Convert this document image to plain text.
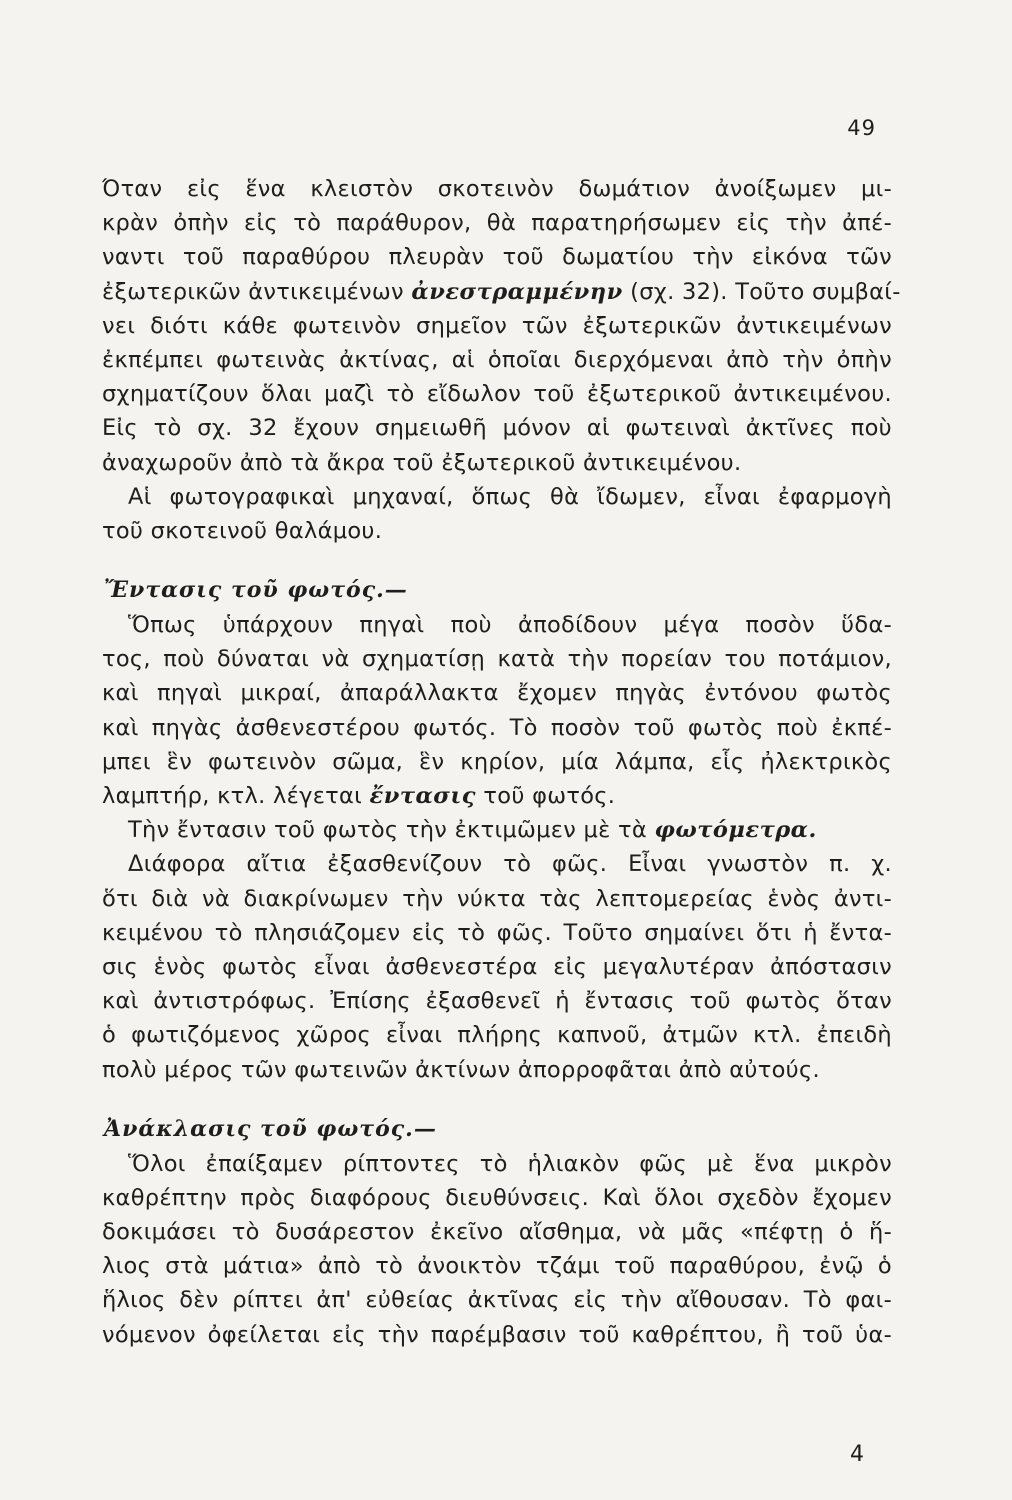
49
Όταν εἰς ἕνα κλειστὸν σκοτεινὸν δωμάτιον ἀνοίξωμεν μι-
κρὰν ὀπὴν εἰς τὸ παράθυρον, θὰ παρατηρήσωμεν εἰς τὴν ἀπέ-
ναντι τοῦ παραθύρου πλευρὰν τοῦ δωματίου τὴν εἰκόνα τῶν
ἐξωτερικῶν ἀντικειμένων ἀνεστραμμένην (σχ. 32). Τοῦτο συμβαί-
νει διότι κάθε φωτεινὸν σημεῖον τῶν ἐξωτερικῶν ἀντικειμένων
ἐκπέμπει φωτεινὰς ἀκτίνας, αἱ ὁποῖαι διερχόμεναι ἀπὸ τὴν ὀπὴν
σχηματίζουν ὅλαι μαζὶ τὸ εἴδωλον τοῦ ἐξωτερικοῦ ἀντικειμένου.
Εἰς τὸ σχ. 32 ἔχουν σημειωθῆ μόνον αἱ φωτειναὶ ἀκτῖνες ποὺ
ἀναχωροῦν ἀπὸ τὰ ἄκρα τοῦ ἐξωτερικοῦ ἀντικειμένου.
Αἱ φωτογραφικαὶ μηχαναί, ὅπως θὰ ἴδωμεν, εἶναι ἐφαρμογὴ
τοῦ σκοτεινοῦ θαλάμου.
Ἔντασις τοῦ φωτός.—
Ὅπως ὑπάρχουν πηγαὶ ποὺ ἀποδίδουν μέγα ποσὸν ὕδα-
τος, ποὺ δύναται νὰ σχηματίσῃ κατὰ τὴν πορείαν του ποτάμιον,
καὶ πηγαὶ μικραί, ἀπαράλλακτα ἔχομεν πηγὰς ἐντόνου φωτὸς
καὶ πηγὰς ἀσθενεστέρου φωτός. Τὸ ποσὸν τοῦ φωτὸς ποὺ ἐκπέ-
μπει ἓν φωτεινὸν σῶμα, ἓν κηρίον, μία λάμπα, εἷς ἠλεκτρικὸς
λαμπτήρ, κτλ. λέγεται ἔντασις τοῦ φωτός.
Τὴν ἔντασιν τοῦ φωτὸς τὴν ἐκτιμῶμεν μὲ τὰ φωτόμετρα.
Διάφορα αἴτια ἐξασθενίζουν τὸ φῶς. Εἶναι γνωστὸν π. χ.
ὅτι διὰ νὰ διακρίνωμεν τὴν νύκτα τὰς λεπτομερείας ἑνὸς ἀντι-
κειμένου τὸ πλησιάζομεν εἰς τὸ φῶς. Τοῦτο σημαίνει ὅτι ἡ ἔντα-
σις ἑνὸς φωτὸς εἶναι ἀσθενεστέρα εἰς μεγαλυτέραν ἀπόστασιν
καὶ ἀντιστρόφως. Ἐπίσης ἐξασθενεῖ ἡ ἔντασις τοῦ φωτὸς ὅταν
ὁ φωτιζόμενος χῶρος εἶναι πλήρης καπνοῦ, ἀτμῶν κτλ. ἐπειδὴ
πολὺ μέρος τῶν φωτεινῶν ἀκτίνων ἀπορροφᾶται ἀπὸ αὐτούς.
Ἀνάκλασις τοῦ φωτός.—
Ὅλοι ἐπαίξαμεν ρίπτοντες τὸ ἡλιακὸν φῶς μὲ ἕνα μικρὸν
καθρέπτην πρὸς διαφόρους διευθύνσεις. Καὶ ὅλοι σχεδὸν ἔχομεν
δοκιμάσει τὸ δυσάρεστον ἐκεῖνο αἴσθημα, νὰ μᾶς «πέφτῃ ὁ ἥ-
λιος στὰ μάτια» ἀπὸ τὸ ἀνοικτὸν τζάμι τοῦ παραθύρου, ἐνῷ ὁ
ἥλιος δὲν ρίπτει ἀπ' εὐθείας ἀκτῖνας εἰς τὴν αἴθουσαν. Τὸ φαι-
νόμενον ὀφείλεται εἰς τὴν παρέμβασιν τοῦ καθρέπτου, ἢ τοῦ ὑα-
4
